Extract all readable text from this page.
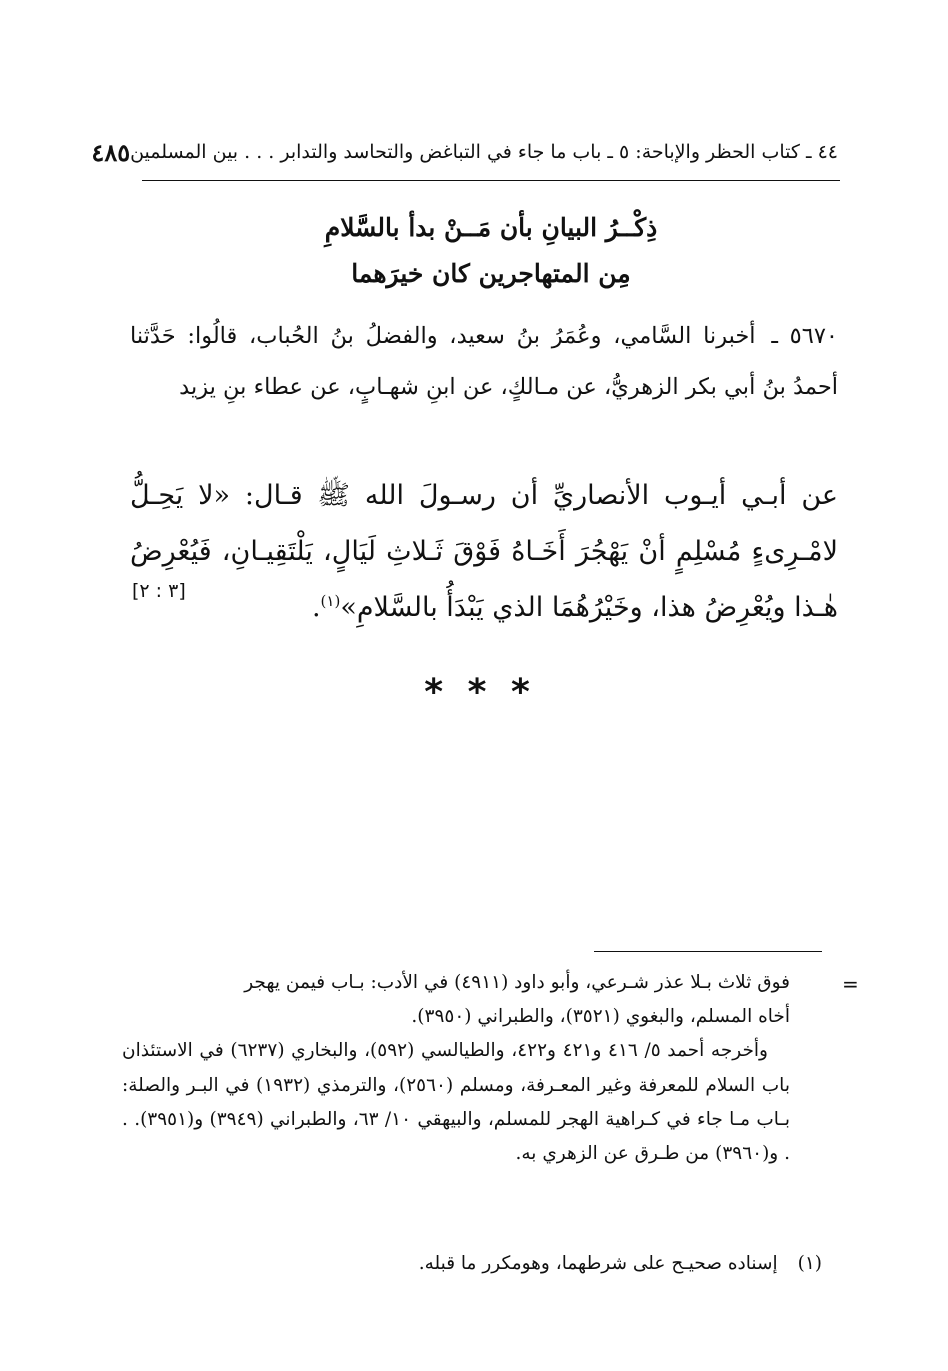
٤٤ ـ كتاب الحظر والإباحة: ٥ ـ باب ما جاء في التباغض والتحاسد والتدابر . . . بين المسلمين
٤٨٥
ذِكْــرُ البيانِ بأن مَــنْ بدأ بالسَّلامِ
مِن المتهاجرين كان خيرَهما
٥٦٧٠ ـ أخبرنا السَّامي، وعُمَرُ بنُ سعيد، والفضلُ بنُ الحُباب، قالُوا: حَدَّثنا أحمدُ بنُ أبي بكر الزهريُّ، عن مـالكٍ، عن ابنِ شهـابٍ، عن عطاء بنِ يزيد
عن أبـي أيـوب الأنصاريِّ أن رسـولَ الله ﷺ قـال: «لا يَحِـلُّ
لامْـرِىءٍ مُسْلِمٍ أنْ يَهْجُرَ أَخَـاهُ فَوْقَ ثَـلاثِ لَيَالٍ، يَلْتَقِيـانِ، فَيُعْرِضُ
هٰـذا ويُعْرِضُ هذا، وخَيْرُهُمَا الذي يَبْدَأُ بالسَّلامِ»$^{(١)}$.
[٣ : ٢]
* * *
=
فوق ثلاث بـلا عذر شـرعي، وأبو داود (٤٩١١) في الأدب: بـاب فيمن يهجر
أخاه المسلم، والبغوي (٣٥٢١)، والطبراني (٣٩٥٠).
وأخرجه أحمد ٥/ ٤١٦ و٤٢١ و٤٢٢، والطيالسي (٥٩٢)، والبخاري (٦٢٣٧) في الاستئذان باب السلام للمعرفة وغير المعـرفة، ومسلم (٢٥٦٠)، والترمذي (١٩٣٢) في البـر والصلة: بـاب مـا جاء في كـراهية الهجر للمسلم، والبيهقي ١٠/ ٦٣، والطبراني (٣٩٤٩) و(٣٩٥١). . . و(٣٩٦٠) من طـرق عن الزهري به.
(١)
إسناده صحيـح على شرطهما، وهومكرر ما قبله.
